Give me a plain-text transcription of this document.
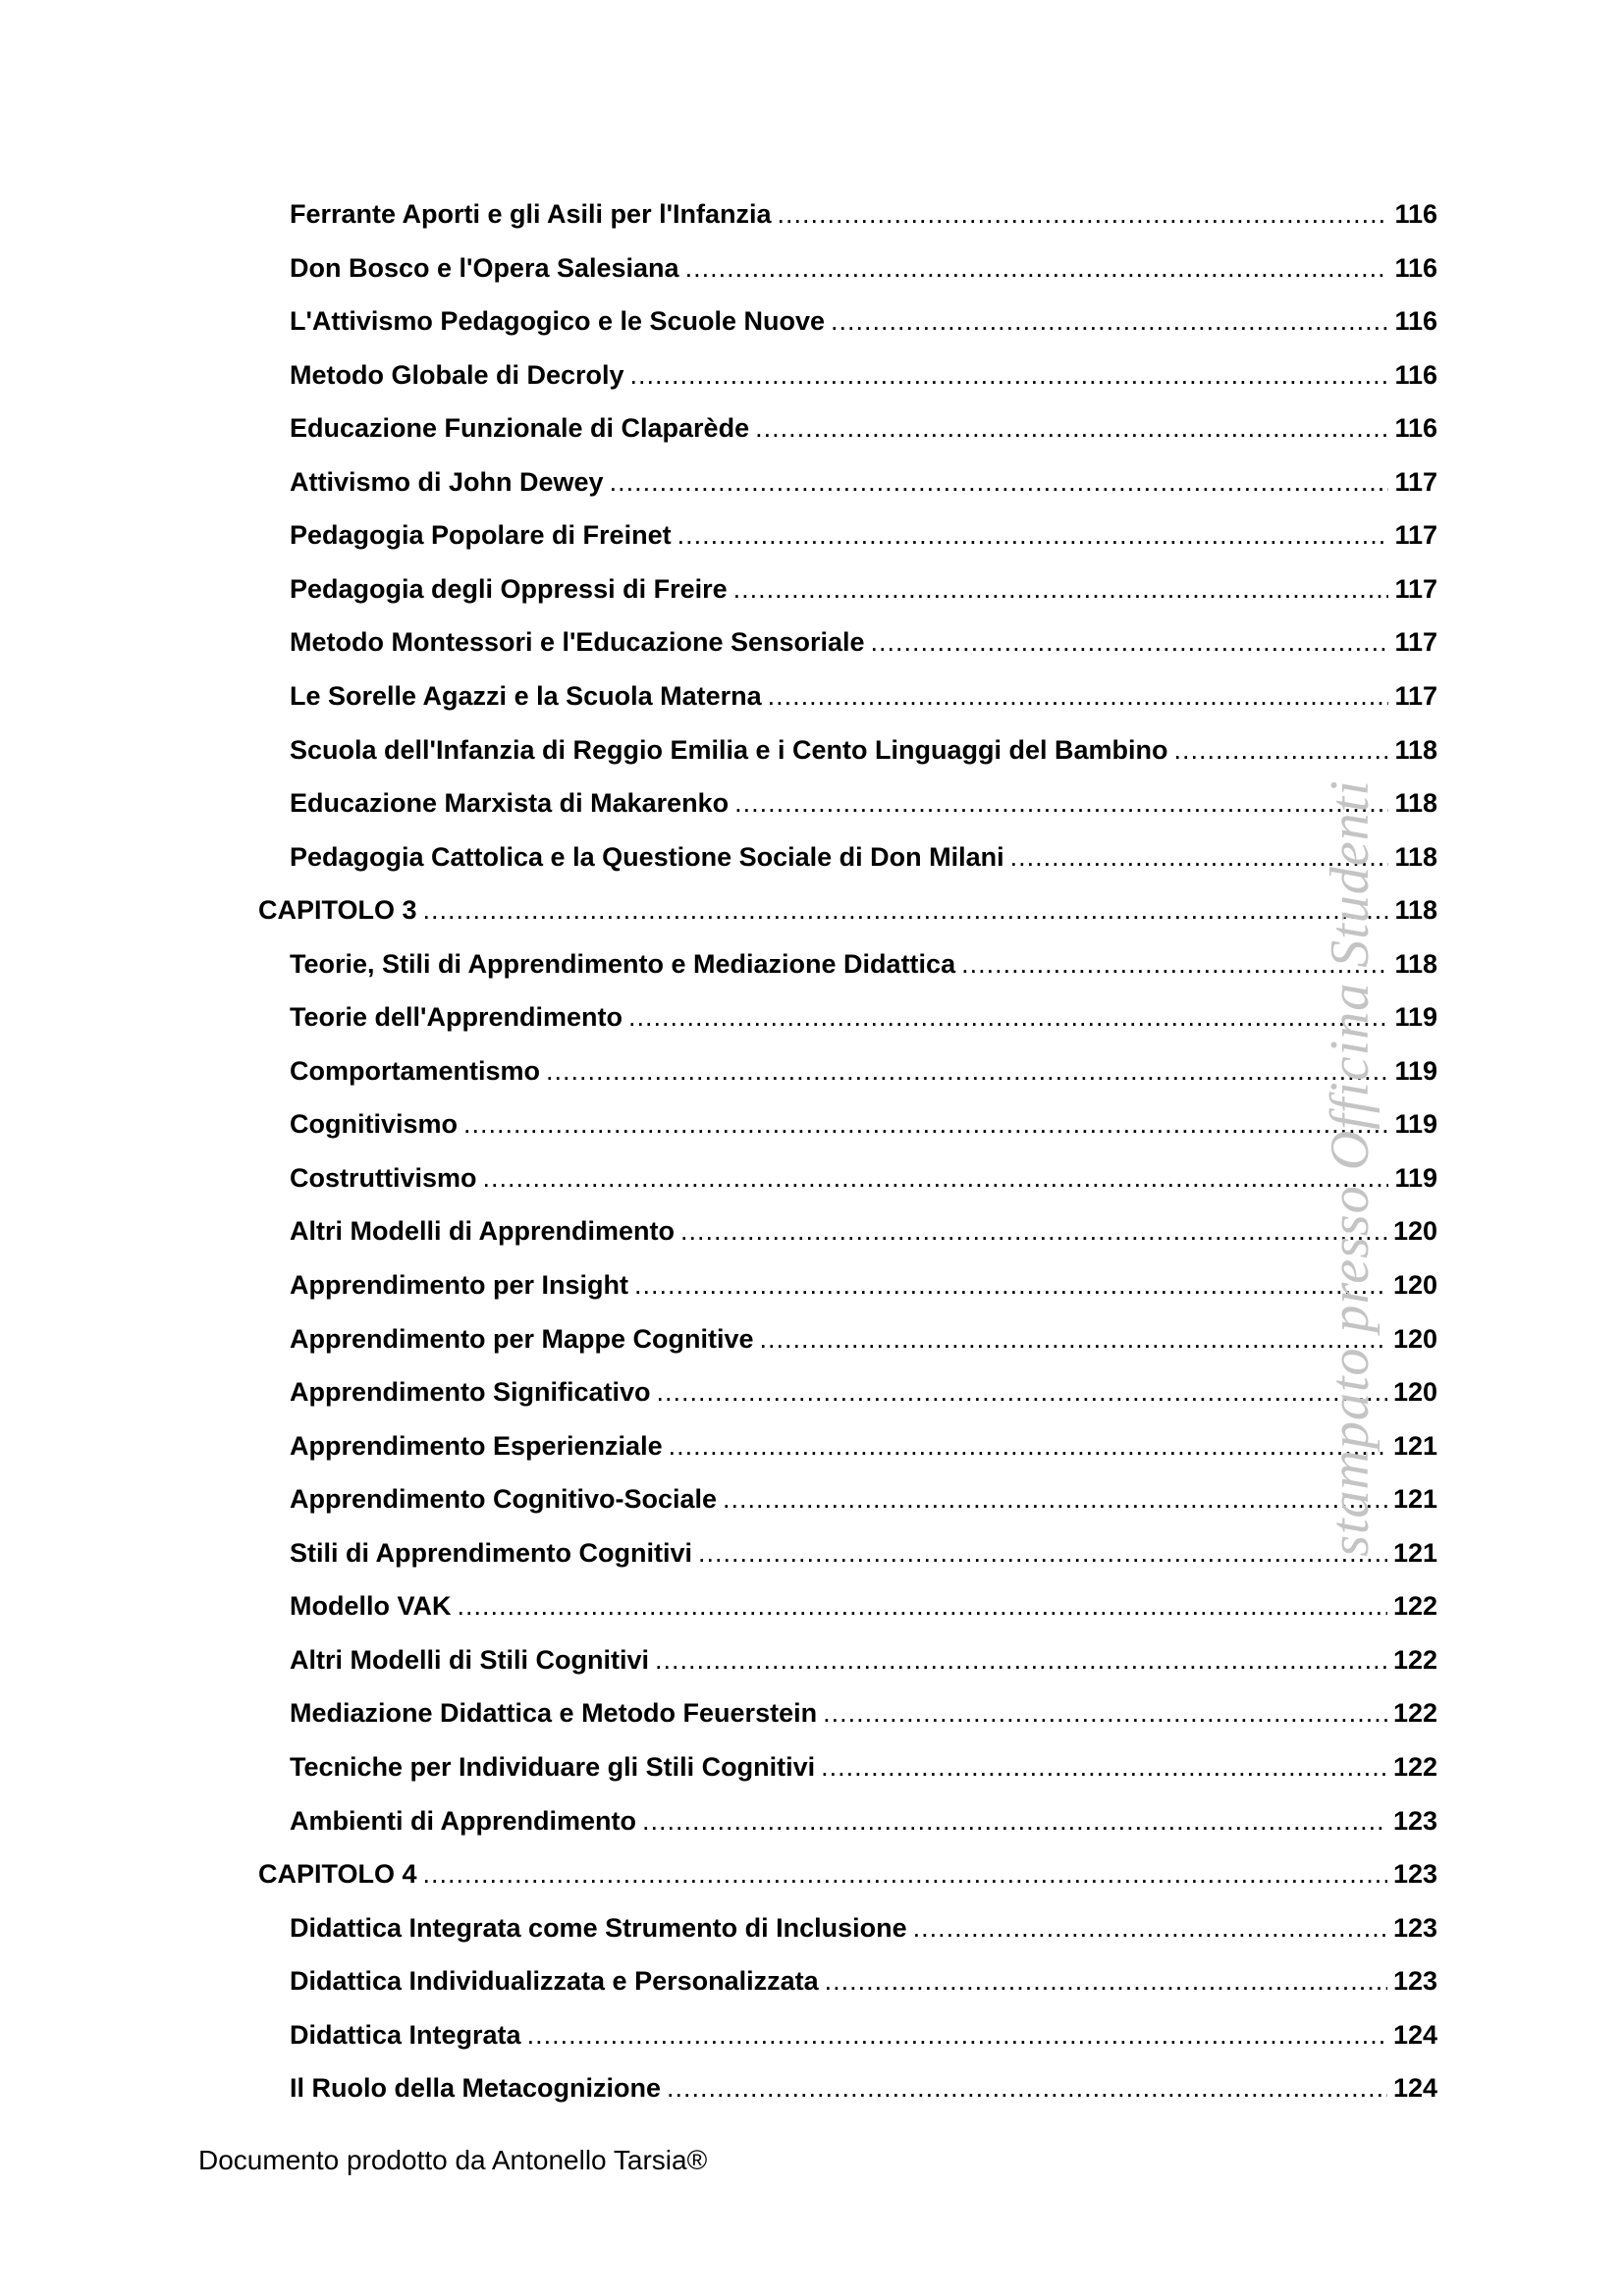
Ferrante Aporti e gli Asili per l'Infanzia .....	116
Don Bosco e l'Opera Salesiana .....	116
L'Attivismo Pedagogico e le Scuole Nuove .....	116
Metodo Globale di Decroly .....	116
Educazione Funzionale di Claparède .....	116
Attivismo di John Dewey .....	117
Pedagogia Popolare di Freinet .....	117
Pedagogia degli Oppressi di Freire .....	117
Metodo Montessori e l'Educazione Sensoriale .....	117
Le Sorelle Agazzi e la Scuola Materna .....	117
Scuola dell'Infanzia di Reggio Emilia e i Cento Linguaggi del Bambino .....	118
Educazione Marxista di Makarenko .....	118
Pedagogia Cattolica e la Questione Sociale di Don Milani .....	118
CAPITOLO 3 .....	118
Teorie, Stili di Apprendimento e Mediazione Didattica .....	118
Teorie dell'Apprendimento .....	119
Comportamentismo .....	119
Cognitivismo .....	119
Costruttivismo .....	119
Altri Modelli di Apprendimento .....	120
Apprendimento per Insight .....	120
Apprendimento per Mappe Cognitive .....	120
Apprendimento Significativo .....	120
Apprendimento Esperienziale .....	121
Apprendimento Cognitivo-Sociale .....	121
Stili di Apprendimento Cognitivi .....	121
Modello VAK .....	122
Altri Modelli di Stili Cognitivi .....	122
Mediazione Didattica e Metodo Feuerstein .....	122
Tecniche per Individuare gli Stili Cognitivi .....	122
Ambienti di Apprendimento .....	123
CAPITOLO 4 .....	123
Didattica Integrata come Strumento di Inclusione .....	123
Didattica Individualizzata e Personalizzata .....	123
Didattica Integrata .....	124
Il Ruolo della Metacognizione .....	124
Documento prodotto da Antonello Tarsia®
stampato presso Officina Studenti
